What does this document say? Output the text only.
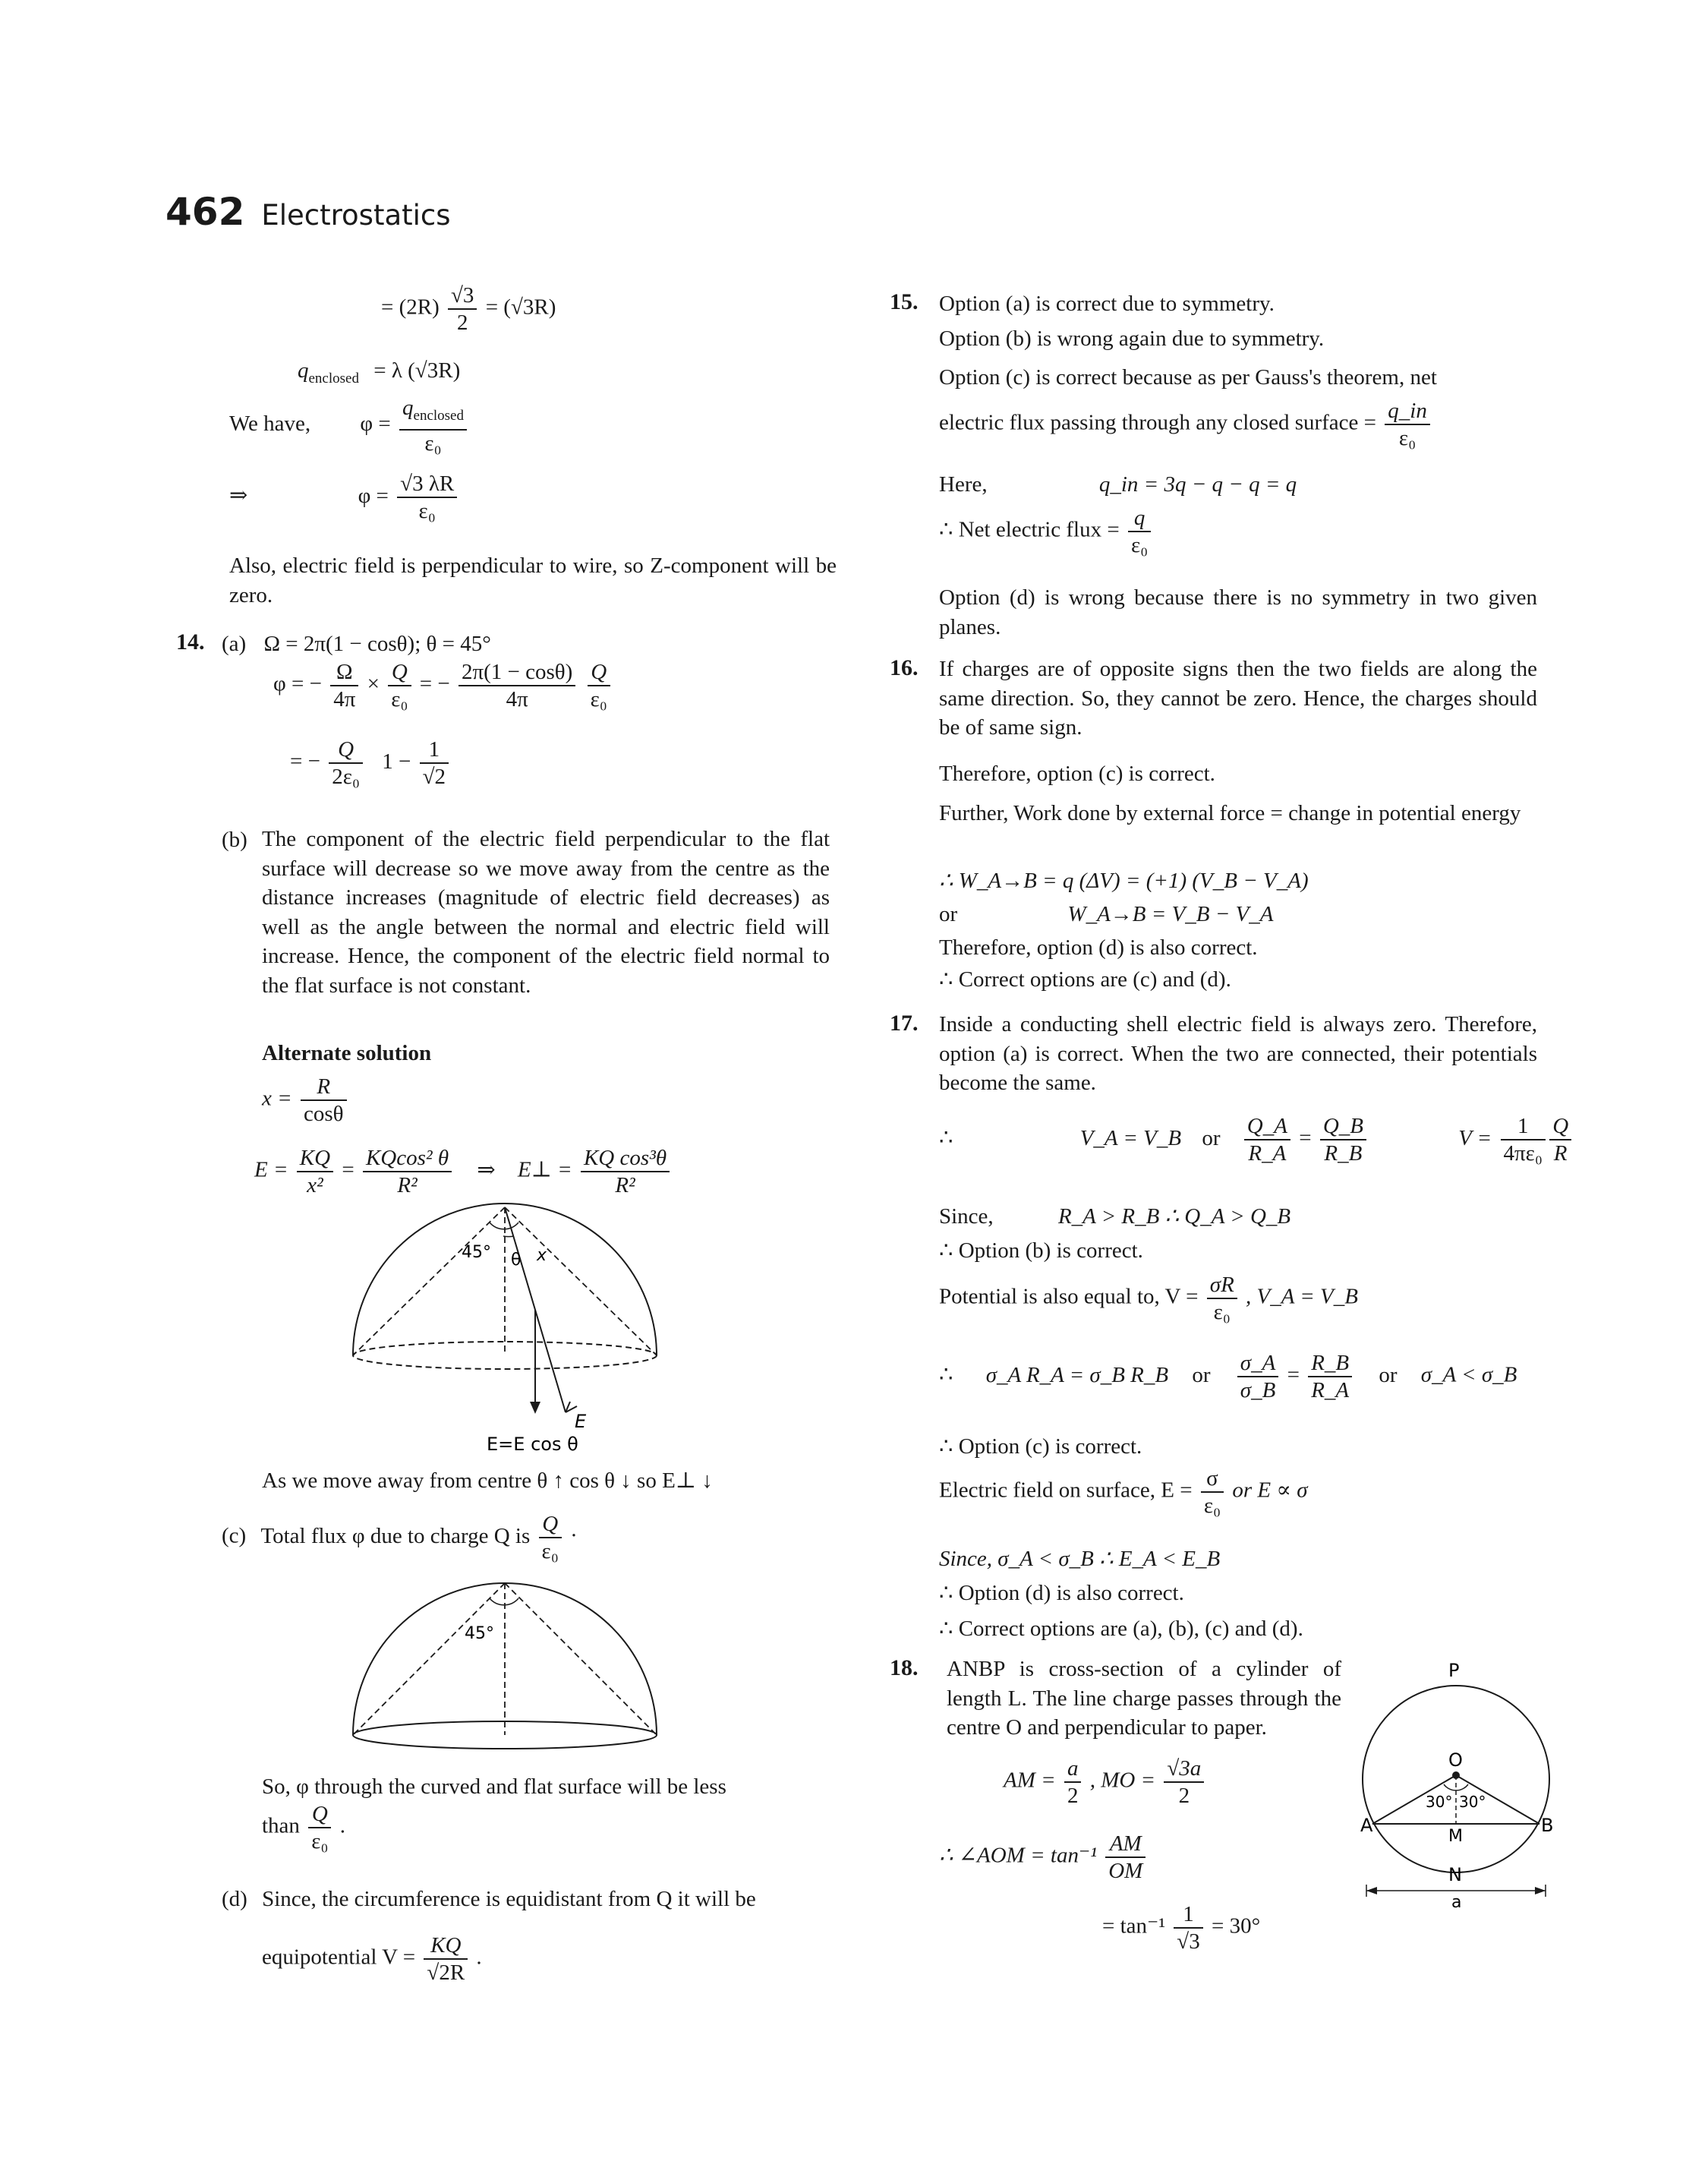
462 Electrostatics
= $(2R) \frac{√3}{2} = (√3R)$
$q_{enclosed} = \lambda$ (√3R)
We have, $\varphi = \frac{q_{enclosed}}{\text{ε₀}}$
⇒	$\varphi = \frac{√3 \lambda R}{\text{ε₀}}$
Also, electric field is perpendicular to wire, so Z-component will be zero.
14. (a) Ω = 2π(1 − cosθ); θ = 45°
φ = − $\frac{\Omega}{4\pi} \times \frac{Q}{\text{ε₀}}$ = − $\frac{2\pi(1 - \cos\theta)}{4\pi}$
$\frac{Q}{\text{ε₀}}$
= − $\frac{Q}{\text{2ε₀}} 1 - \frac{1}{√2}$
(b) The component of the electric field perpendicular to the flat surface will decrease so we move away from the centre as the distance increases (magnitude of electric field decreases) as well as the angle between the normal and electric field will increase. Hence, the component of the electric field normal to the flat surface is not constant.
Alternate solution
$x = \frac{R}{\cos\theta}$
$E = \frac{KQ}{\text{x²}} = \frac{\text{KQcos² θ}}{\text{R²}}$ ⇒ E⊥ = $\frac{\text{KQ cos³θ}}{\text{R²}}$
45° θ x
E
E=E cos θ
As we move away from centre θ ↑ cos θ ↓ so E⊥ ↓
(c) Total flux φ due to charge Q is $\frac{Q}{\text{ε₀}}$ ·
45°
So, φ through the curved and flat surface will be less
than $\frac{Q}{\text{ε₀}}$ .
(d) Since, the circumference is equidistant from Q it will be
equipotential $V = \frac{KQ}{√2R}$ .
15. Option (a) is correct due to symmetry.
Option (b) is wrong again due to symmetry.
Option (c) is correct because as per Gauss's theorem, net
electric flux passing through any closed surface = $\frac{q\_in}{\text{ε₀}}$
Here,	q_in = 3q − q − q = q
∴ Net electric flux = $\frac{q}{\text{ε₀}}$
Option (d) is wrong because there is no symmetry in two given planes.
16. If charges are of opposite signs then the two fields are along the same direction. So, they cannot be zero. Hence, the charges should be of same sign.
Therefore, option (c) is correct.
Further, Work done by external force = change in potential energy
∴ W_A→B = q (ΔV) = (+1) (V_B − V_A)
or	W_A→B = V_B − V_A
Therefore, option (d) is also correct.
∴ Correct options are (c) and (d).
17. Inside a conducting shell electric field is always zero. Therefore, option (a) is correct. When the two are connected, their potentials become the same.
∴	V_A = V_B or $\frac{Q\_A}{R\_A} = \frac{Q\_B}{R\_B}$	$V = \frac{1}{\text{4πε₀}}$
$\frac{Q}{R}$
Since,	R_A > R_B ∴ Q_A > Q_B
∴ Option (b) is correct.
Potential is also equal to, $V = \frac{\sigma R}{\text{ε₀}}$ , V_A = V_B
∴ σ_A R_A = σ_B R_B or $\frac{\sigma\_A}{\sigma\_B} = \frac{R\_B}{R\_A}$ or σ_A < σ_B
∴ Option (c) is correct.
Electric field on surface, $E = \frac{\sigma}{\text{ε₀}}$ or E ∝ σ
Since, σ_A < σ_B ∴ E_A < E_B
∴ Option (d) is also correct.
∴ Correct options are (a), (b), (c) and (d).
18. ANBP is cross-section of a cylinder of length L. The line charge passes through the centre O and perpendicular to paper.
AM = $\frac{a}{2}$ , MO = $\frac{√3a}{2}$
∴ ∠AOM = $\tan^{-1} \frac{AM}{OM}$
= $\tan^{-1} \frac{1}{√3} = 30^\circ$
P
O
A	B
M
N
a
30° 30°
